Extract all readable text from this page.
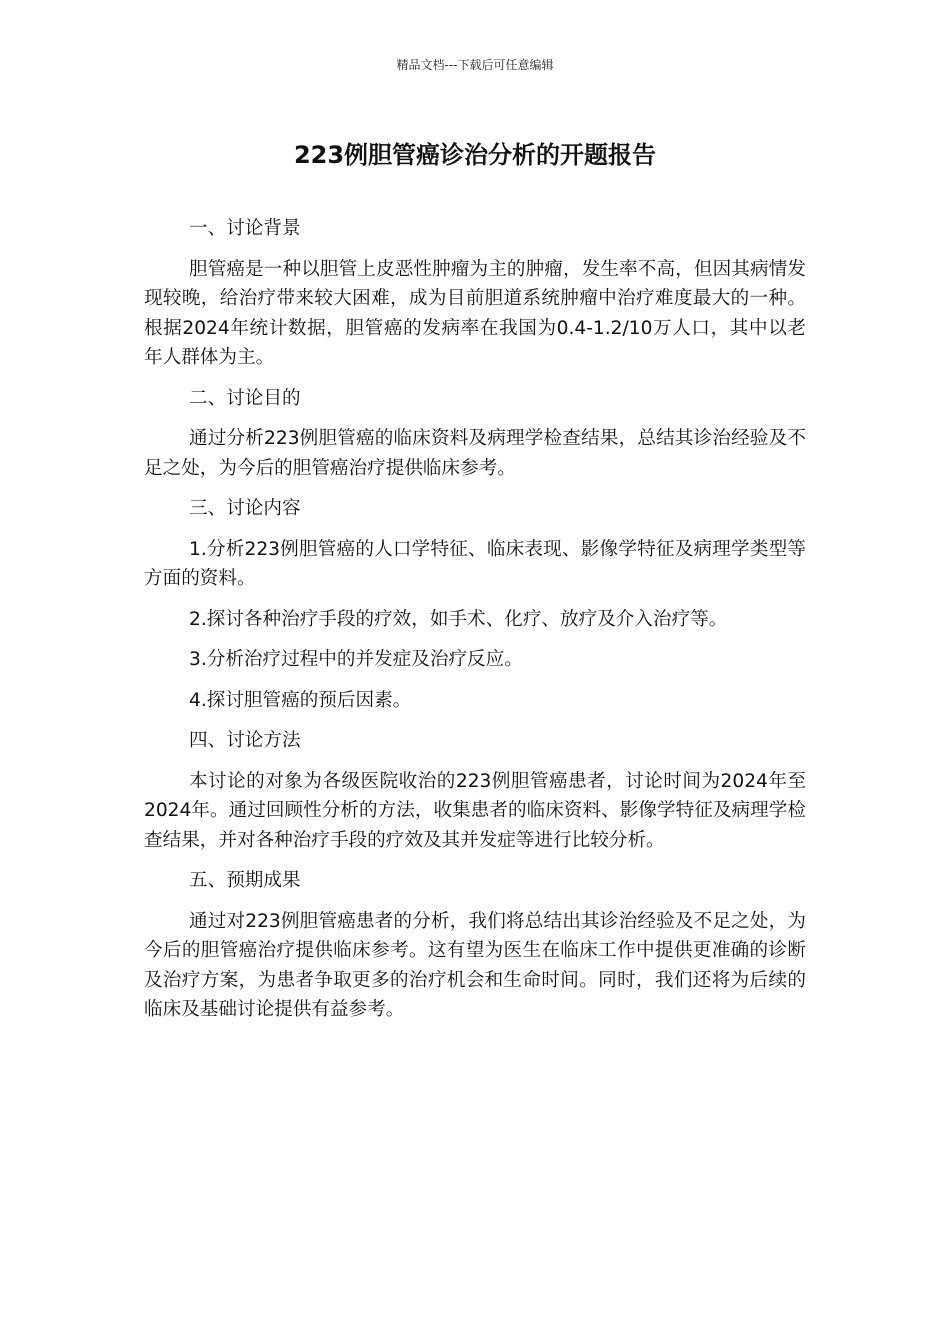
精品文档---下载后可任意编辑
223例胆管癌诊治分析的开题报告
一、讨论背景

胆管癌是一种以胆管上皮恶性肿瘤为主的肿瘤，发生率不高，但因其病情发现较晚，给治疗带来较大困难，成为目前胆道系统肿瘤中治疗难度最大的一种。根据2024年统计数据，胆管癌的发病率在我国为0.4-1.2/10万人口，其中以老年人群体为主。

二、讨论目的

通过分析223例胆管癌的临床资料及病理学检查结果，总结其诊治经验及不足之处，为今后的胆管癌治疗提供临床参考。

三、讨论内容

1.分析223例胆管癌的人口学特征、临床表现、影像学特征及病理学类型等方面的资料。

2.探讨各种治疗手段的疗效，如手术、化疗、放疗及介入治疗等。

3.分析治疗过程中的并发症及治疗反应。

4.探讨胆管癌的预后因素。

四、讨论方法

本讨论的对象为各级医院收治的223例胆管癌患者，讨论时间为2024年至2024年。通过回顾性分析的方法，收集患者的临床资料、影像学特征及病理学检查结果，并对各种治疗手段的疗效及其并发症等进行比较分析。

五、预期成果

通过对223例胆管癌患者的分析，我们将总结出其诊治经验及不足之处，为今后的胆管癌治疗提供临床参考。这有望为医生在临床工作中提供更准确的诊断及治疗方案，为患者争取更多的治疗机会和生命时间。同时，我们还将为后续的临床及基础讨论提供有益参考。
